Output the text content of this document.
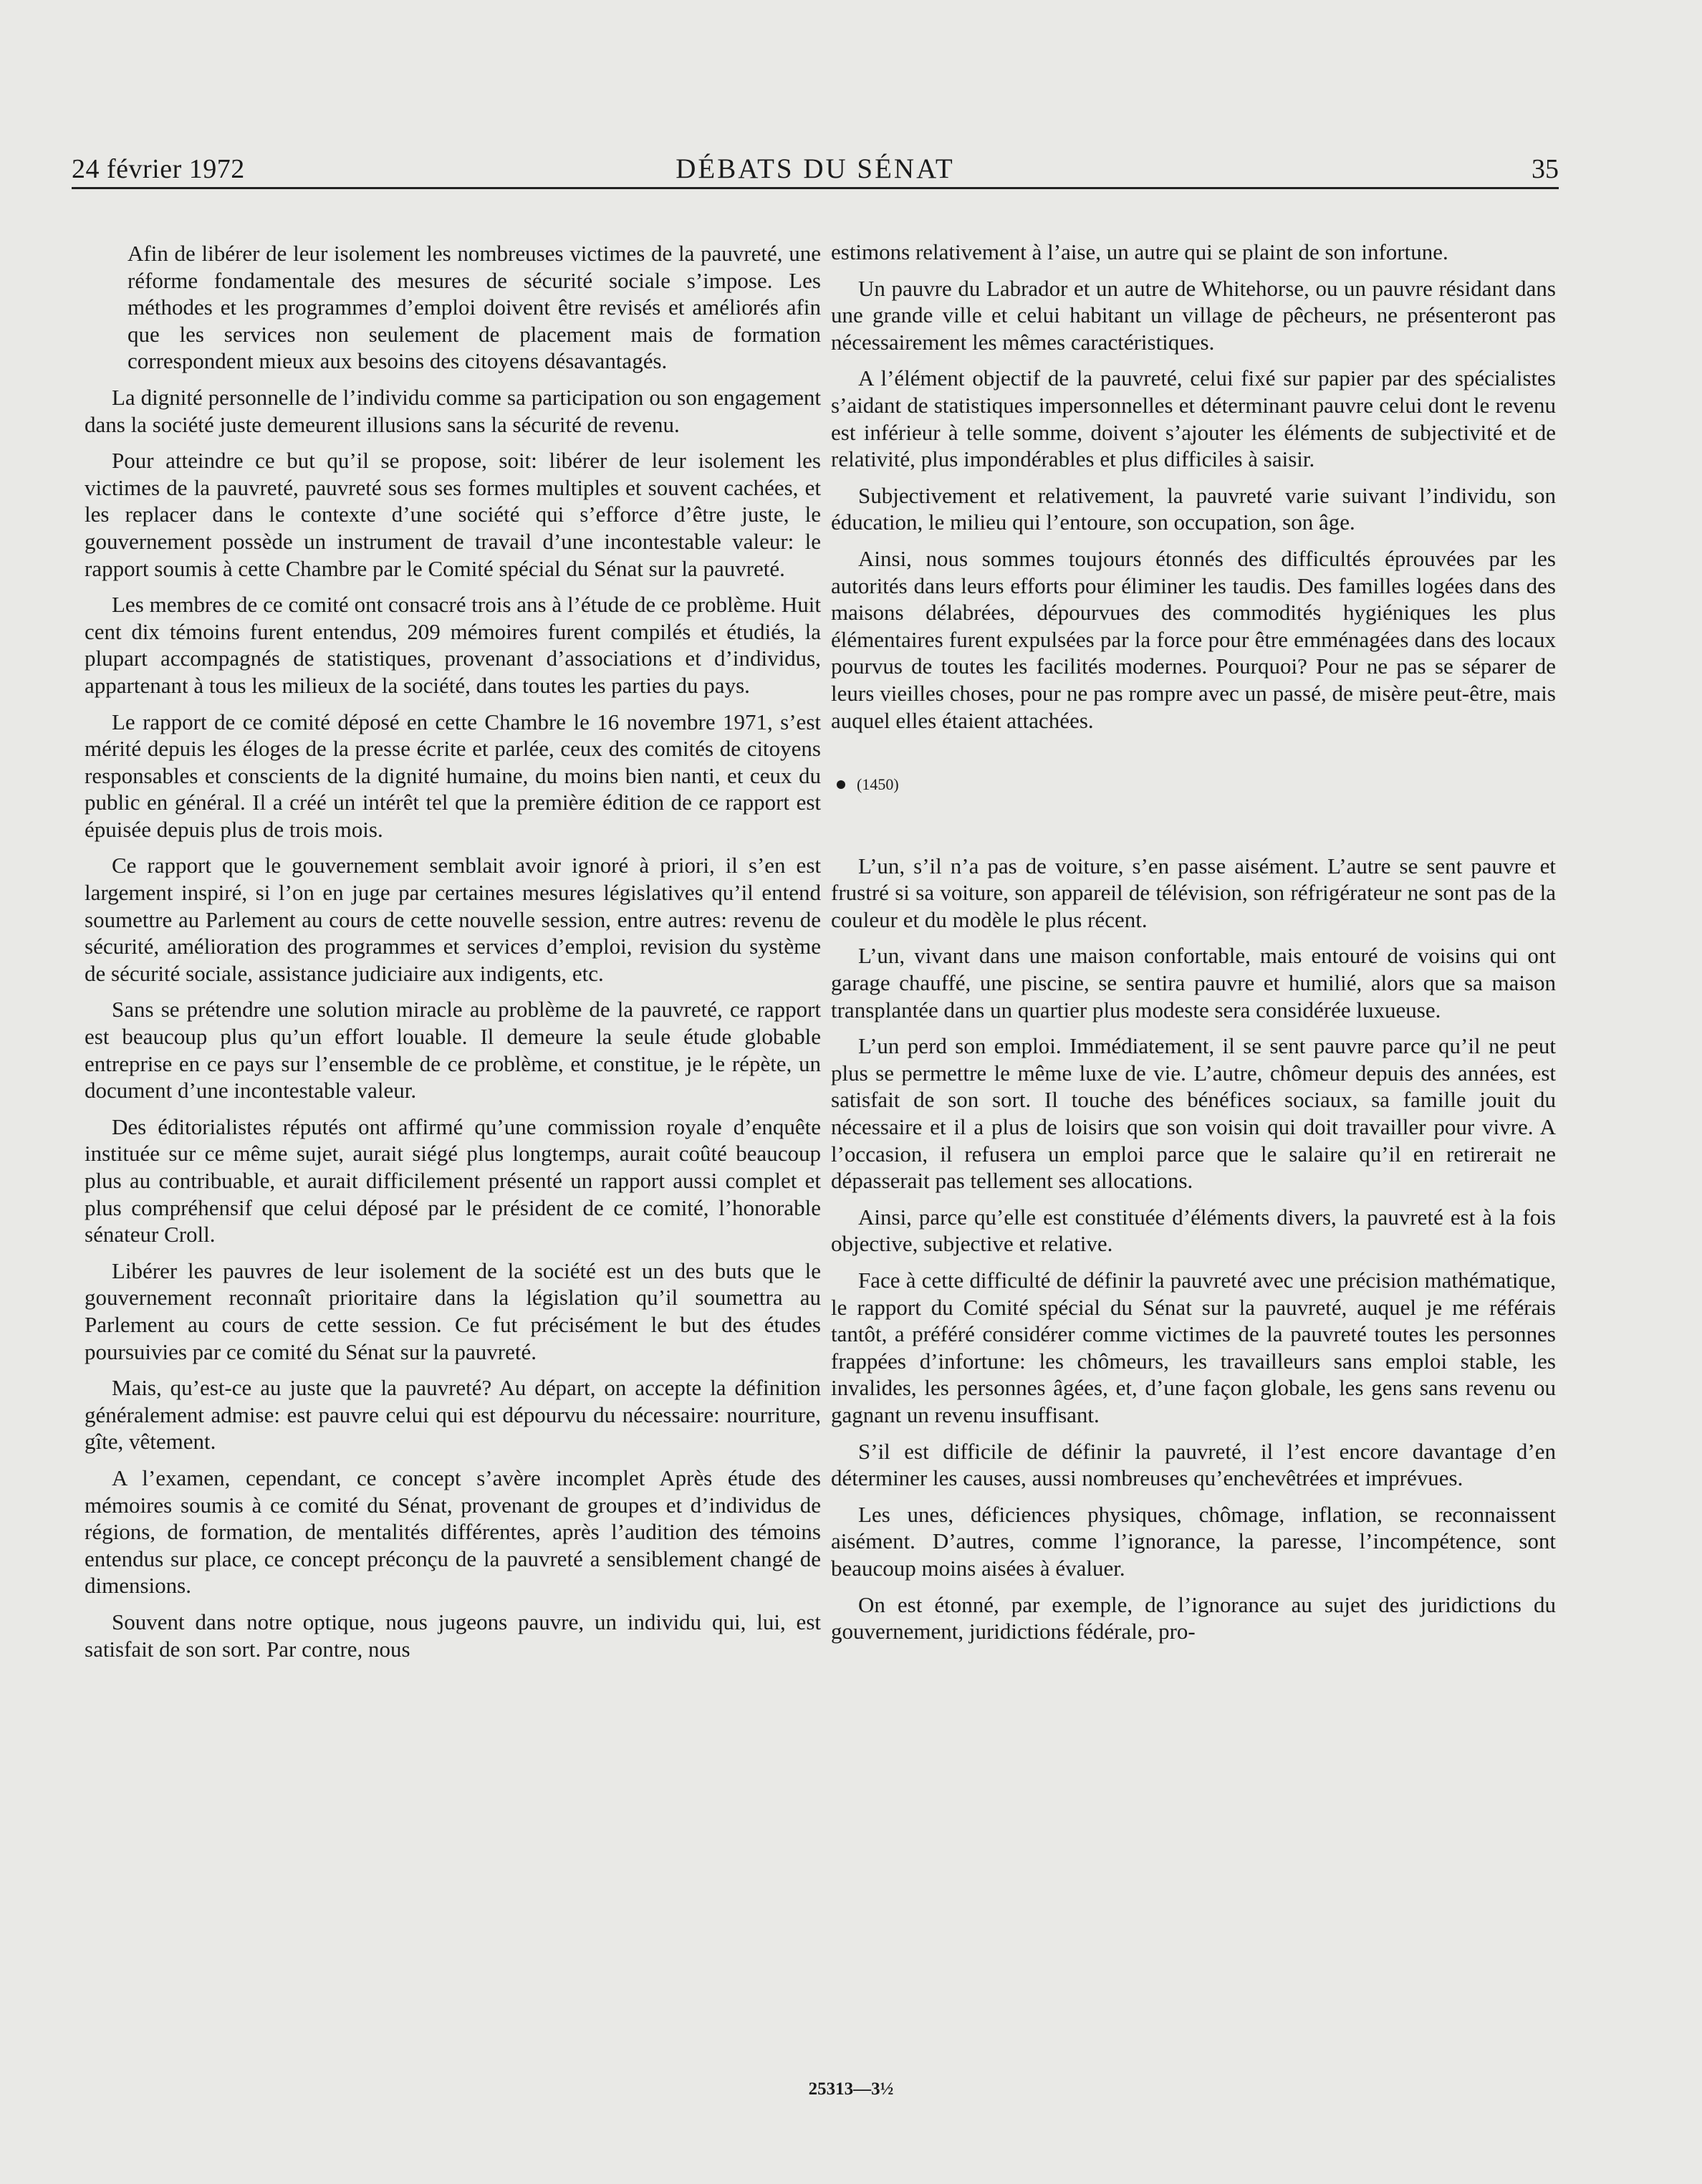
24 février 1972	DÉBATS DU SÉNAT	35

Afin de libérer de leur isolement les nombreuses victimes de la pauvreté, une réforme fondamentale des mesures de sécurité sociale s’impose. Les méthodes et les programmes d’emploi doivent être revisés et améliorés afin que les services non seulement de placement mais de formation correspondent mieux aux besoins des citoyens désavantagés.

La dignité personnelle de l’individu comme sa participation ou son engagement dans la société juste demeurent illusions sans la sécurité de revenu.

Pour atteindre ce but qu’il se propose, soit: libérer de leur isolement les victimes de la pauvreté, pauvreté sous ses formes multiples et souvent cachées, et les replacer dans le contexte d’une société qui s’efforce d’être juste, le gouvernement possède un instrument de travail d’une incontestable valeur: le rapport soumis à cette Chambre par le Comité spécial du Sénat sur la pauvreté.

Les membres de ce comité ont consacré trois ans à l’étude de ce problème. Huit cent dix témoins furent entendus, 209 mémoires furent compilés et étudiés, la plupart accompagnés de statistiques, provenant d’associations et d’individus, appartenant à tous les milieux de la société, dans toutes les parties du pays.

Le rapport de ce comité déposé en cette Chambre le 16 novembre 1971, s’est mérité depuis les éloges de la presse écrite et parlée, ceux des comités de citoyens responsables et conscients de la dignité humaine, du moins bien nanti, et ceux du public en général. Il a créé un intérêt tel que la première édition de ce rapport est épuisée depuis plus de trois mois.

Ce rapport que le gouvernement semblait avoir ignoré à priori, il s’en est largement inspiré, si l’on en juge par certaines mesures législatives qu’il entend soumettre au Parlement au cours de cette nouvelle session, entre autres: revenu de sécurité, amélioration des programmes et services d’emploi, revision du système de sécurité sociale, assistance judiciaire aux indigents, etc.

Sans se prétendre une solution miracle au problème de la pauvreté, ce rapport est beaucoup plus qu’un effort louable. Il demeure la seule étude globable entreprise en ce pays sur l’ensemble de ce problème, et constitue, je le répète, un document d’une incontestable valeur.

Des éditorialistes réputés ont affirmé qu’une commission royale d’enquête instituée sur ce même sujet, aurait siégé plus longtemps, aurait coûté beaucoup plus au contribuable, et aurait difficilement présenté un rapport aussi complet et plus compréhensif que celui déposé par le président de ce comité, l’honorable sénateur Croll.

Libérer les pauvres de leur isolement de la société est un des buts que le gouvernement reconnaît prioritaire dans la législation qu’il soumettra au Parlement au cours de cette session. Ce fut précisément le but des études poursuivies par ce comité du Sénat sur la pauvreté.

Mais, qu’est-ce au juste que la pauvreté? Au départ, on accepte la définition généralement admise: est pauvre celui qui est dépourvu du nécessaire: nourriture, gîte, vêtement.

A l’examen, cependant, ce concept s’avère incomplet Après étude des mémoires soumis à ce comité du Sénat, provenant de groupes et d’individus de régions, de formation, de mentalités différentes, après l’audition des témoins entendus sur place, ce concept préconçu de la pauvreté a sensiblement changé de dimensions.

Souvent dans notre optique, nous jugeons pauvre, un individu qui, lui, est satisfait de son sort. Par contre, nous

estimons relativement à l’aise, un autre qui se plaint de son infortune.

Un pauvre du Labrador et un autre de Whitehorse, ou un pauvre résidant dans une grande ville et celui habitant un village de pêcheurs, ne présenteront pas nécessairement les mêmes caractéristiques.

A l’élément objectif de la pauvreté, celui fixé sur papier par des spécialistes s’aidant de statistiques impersonnelles et déterminant pauvre celui dont le revenu est inférieur à telle somme, doivent s’ajouter les éléments de subjectivité et de relativité, plus impondérables et plus difficiles à saisir.

Subjectivement et relativement, la pauvreté varie suivant l’individu, son éducation, le milieu qui l’entoure, son occupation, son âge.

Ainsi, nous sommes toujours étonnés des difficultés éprouvées par les autorités dans leurs efforts pour éliminer les taudis. Des familles logées dans des maisons délabrées, dépourvues des commodités hygiéniques les plus élémentaires furent expulsées par la force pour être emménagées dans des locaux pourvus de toutes les facilités modernes. Pourquoi? Pour ne pas se séparer de leurs vieilles choses, pour ne pas rompre avec un passé, de misère peut-être, mais auquel elles étaient attachées.

(1450)

L’un, s’il n’a pas de voiture, s’en passe aisément. L’autre se sent pauvre et frustré si sa voiture, son appareil de télévision, son réfrigérateur ne sont pas de la couleur et du modèle le plus récent.

L’un, vivant dans une maison confortable, mais entouré de voisins qui ont garage chauffé, une piscine, se sentira pauvre et humilié, alors que sa maison transplantée dans un quartier plus modeste sera considérée luxueuse.

L’un perd son emploi. Immédiatement, il se sent pauvre parce qu’il ne peut plus se permettre le même luxe de vie. L’autre, chômeur depuis des années, est satisfait de son sort. Il touche des bénéfices sociaux, sa famille jouit du nécessaire et il a plus de loisirs que son voisin qui doit travailler pour vivre. A l’occasion, il refusera un emploi parce que le salaire qu’il en retirerait ne dépasserait pas tellement ses allocations.

Ainsi, parce qu’elle est constituée d’éléments divers, la pauvreté est à la fois objective, subjective et relative.

Face à cette difficulté de définir la pauvreté avec une précision mathématique, le rapport du Comité spécial du Sénat sur la pauvreté, auquel je me référais tantôt, a préféré considérer comme victimes de la pauvreté toutes les personnes frappées d’infortune: les chômeurs, les travailleurs sans emploi stable, les invalides, les personnes âgées, et, d’une façon globale, les gens sans revenu ou gagnant un revenu insuffisant.

S’il est difficile de définir la pauvreté, il l’est encore davantage d’en déterminer les causes, aussi nombreuses qu’enchevêtrées et imprévues.

Les unes, déficiences physiques, chômage, inflation, se reconnaissent aisément. D’autres, comme l’ignorance, la paresse, l’incompétence, sont beaucoup moins aisées à évaluer.

On est étonné, par exemple, de l’ignorance au sujet des juridictions du gouvernement, juridictions fédérale, pro-

25313—3½
